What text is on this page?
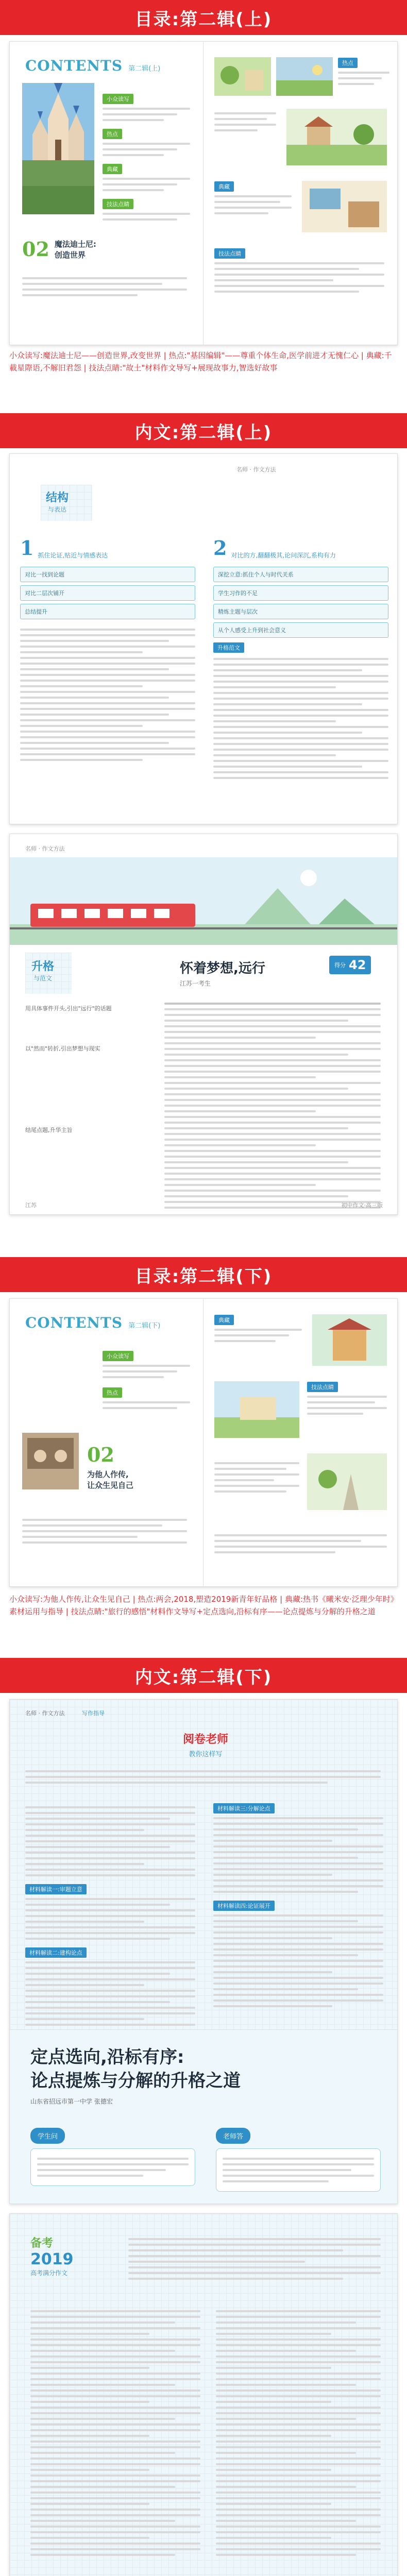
目录:第二辑(上)
CONTENTS 第二辑(上)
小众读写
热点
典藏
技法点睛
02 魔法迪士尼:
创造世界
热点
典藏
技法点睛
小众读写:魔法迪士尼——创造世界,改变世界 | 热点:"基因编辑"——尊重个体生命,医学前进才无愧仁心 | 典藏:千載星際语,不解旧君怨 | 技法点睛:"故土"材料作文导写+展现故事力,智选好故事
内文:第二辑(上)
名师 · 作文方法
结构
与表达
1 抓住论证,贴近与情感表达
对比一找到论题
对比二层次铺开
总结提升
2 对比的方,翻翻极其,论问深沉,系构有力
深挖立意:抓住个人与时代关系
学生习作的不足
精炼主题与层次
从个人感受上升到社会意义
升格范文
名师 · 作文方法
升格
与范文
怀着梦想,远行
江苏一考生
得分 42
用具体事件开头,引出"远行"的话题
以"然而"转折,引出梦想与现实
结尾点题,升华主旨
江苏	初中作文·高三版
目录:第二辑(下)
CONTENTS 第二辑(下)
02
为他人作传,
让众生见自己
小众读写
热点
典藏
技法点睛
小众读写:为他人作传,让众生见自己 | 热点:两会,2018,塑造2019新青年好品格 | 典藏:热书《曦米安·泛理少年时》素材运用与指导 | 技法点睛:"旅行的感悟"材料作文导写+定点选向,沿标有序——论点提炼与分解的升格之道
内文:第二辑(下)
名师 · 作文方法	写作指导
阅卷老师
教你这样写
材料解读一:审题立意
材料解读二:建构论点
材料解读三:分解论点
材料解读四:论证展开
定点选向,沿标有序:
论点提炼与分解的升格之道
山东省招远市第一中学 张德宏
学生问	老师答
备考
2019
高考满分作文
